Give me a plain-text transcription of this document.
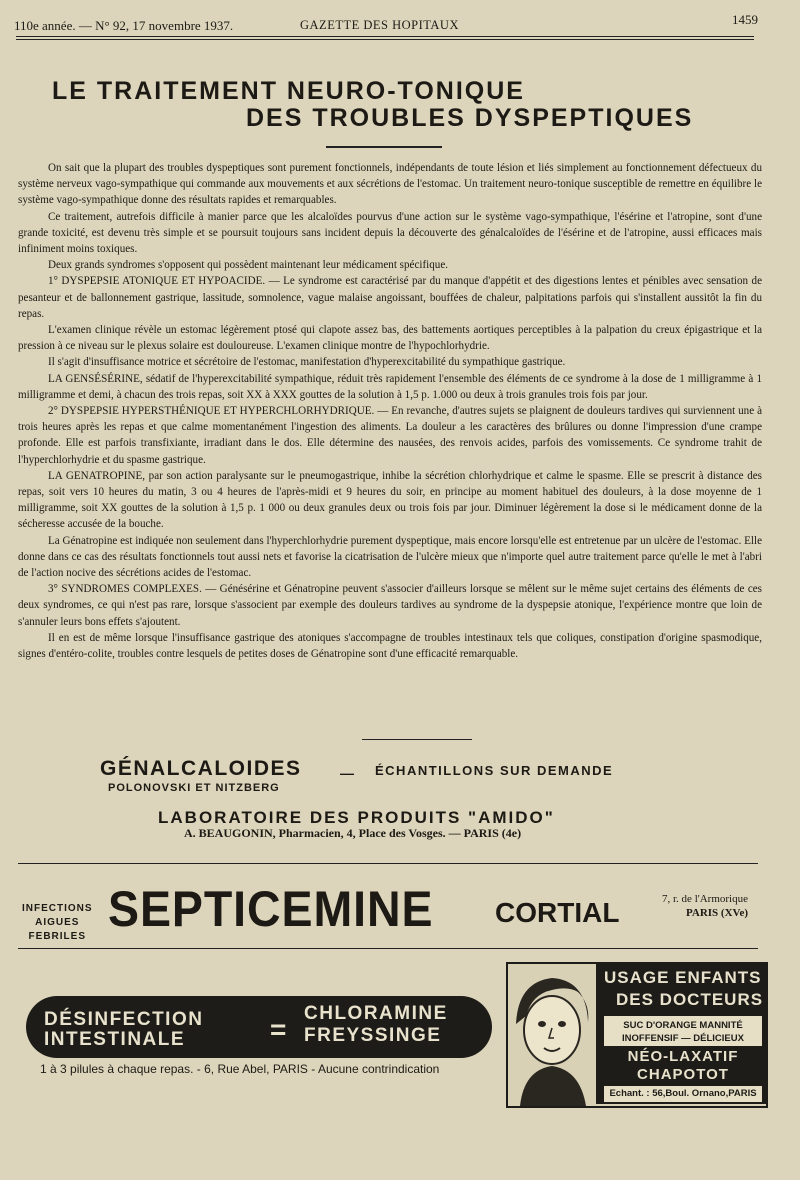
110e année. — N° 92, 17 novembre 1937.	GAZETTE DES HOPITAUX	1459
LE TRAITEMENT NEURO-TONIQUE
DES TROUBLES DYSPEPTIQUES

On sait que la plupart des troubles dyspeptiques sont purement fonctionnels, indépendants de toute lésion et liés simplement au fonctionnement défectueux du système nerveux vago-sympathique qui commande aux mouvements et aux sécrétions de l'estomac. Un traitement neuro-tonique susceptible de remettre en équilibre le système vago-sympathique donne des résultats rapides et remarquables.

Ce traitement, autrefois difficile à manier parce que les alcaloïdes pourvus d'une action sur le système vago-sympathique, l'ésérine et l'atropine, sont d'une grande toxicité, est devenu très simple et se poursuit toujours sans incident depuis la découverte des génalcaloïdes de l'ésérine et de l'atropine, aussi efficaces mais infiniment moins toxiques.

Deux grands syndromes s'opposent qui possèdent maintenant leur médicament spécifique.

1° DYSPEPSIE ATONIQUE ET HYPOACIDE. — Le syndrome est caractérisé par du manque d'appétit et des digestions lentes et pénibles avec sensation de pesanteur et de ballonnement gastrique, lassitude, somnolence, vague malaise angoissant, bouffées de chaleur, palpitations parfois qui s'installent aussitôt la fin du repas.

L'examen clinique révèle un estomac légèrement ptosé qui clapote assez bas, des battements aortiques perceptibles à la palpation du creux épigastrique et la pression à ce niveau sur le plexus solaire est douloureuse. L'examen clinique montre de l'hypochlorhydrie.

Il s'agit d'insuffisance motrice et sécrétoire de l'estomac, manifestation d'hyperexcitabilité du sympathique gastrique.

LA GENSÉSÉRINE, sédatif de l'hyperexcitabilité sympathique, réduit très rapidement l'ensemble des éléments de ce syndrome à la dose de 1 milligramme à 1 milligramme et demi, à chacun des trois repas, soit XX à XXX gouttes de la solution à 1,5 p. 1.000 ou deux à trois granules trois fois par jour.

2° DYSPEPSIE HYPERSTHÉNIQUE ET HYPERCHLORHYDRIQUE. — En revanche, d'autres sujets se plaignent de douleurs tardives qui surviennent une à trois heures après les repas et que calme momentanément l'ingestion des aliments. La douleur a les caractères des brûlures ou donne l'impression d'une crampe profonde. Elle est parfois transfixiante, irradiant dans le dos. Elle détermine des nausées, des renvois acides, parfois des vomissements. Ce syndrome trahit de l'hyperchlorhydrie et du spasme gastrique.

LA GENATROPINE, par son action paralysante sur le pneumogastrique, inhibe la sécrétion chlorhydrique et calme le spasme. Elle se prescrit à distance des repas, soit vers 10 heures du matin, 3 ou 4 heures de l'après-midi et 9 heures du soir, en principe au moment habituel des douleurs, à la dose moyenne de 1 milligramme, soit XX gouttes de la solution à 1,5 p. 1 000 ou deux granules deux ou trois fois par jour. Diminuer légèrement la dose si le médicament donne de la sécheresse accusée de la bouche.

La Génatropine est indiquée non seulement dans l'hyperchlorhydrie purement dyspeptique, mais encore lorsqu'elle est entretenue par un ulcère de l'estomac. Elle donne dans ce cas des résultats fonctionnels tout aussi nets et favorise la cicatrisation de l'ulcère mieux que n'importe quel autre traitement parce qu'elle le met à l'abri de l'action nocive des sécrétions acides de l'estomac.

3° SYNDROMES COMPLEXES. — Génésérine et Génatropine peuvent s'associer d'ailleurs lorsque se mêlent sur le même sujet certains des éléments de ces deux syndromes, ce qui n'est pas rare, lorsque s'associent par exemple des douleurs tardives au syndrome de la dyspepsie atonique, l'expérience montre que loin de s'annuler leurs bons effets s'ajoutent.

Il en est de même lorsque l'insuffisance gastrique des atoniques s'accompagne de troubles intestinaux tels que coliques, constipation d'origine spasmodique, signes d'entéro-colite, troubles contre lesquels de petites doses de Génatropine sont d'une efficacité remarquable.

GÉNALCALOIDES	— ÉCHANTILLONS SUR DEMANDE
POLONOVSKI ET NITZBERG
LABORATOIRE DES PRODUITS "AMIDO"
A. BEAUGONIN, Pharmacien, 4, Place des Vosges. — PARIS (4e)
INFECTIONS
AIGUES
FEBRILES SEPTICEMINE CORTIAL	7, r. de l'Armorique
PARIS (XVe)
DÉSINFECTION
INTESTINALE	=
CHLORAMINE
FREYSSINGE
1 à 3 pilules à chaque repas. - 6, Rue Abel, PARIS - Aucune contrindication
USAGE ENFANTS
DES DOCTEURS
SUC D'ORANGE MANNITÉ
INOFFENSIF — DÉLICIEUX
NÉO-LAXATIF
CHAPOTOT
Echant. : 56,Boul. Ornano,PARIS
